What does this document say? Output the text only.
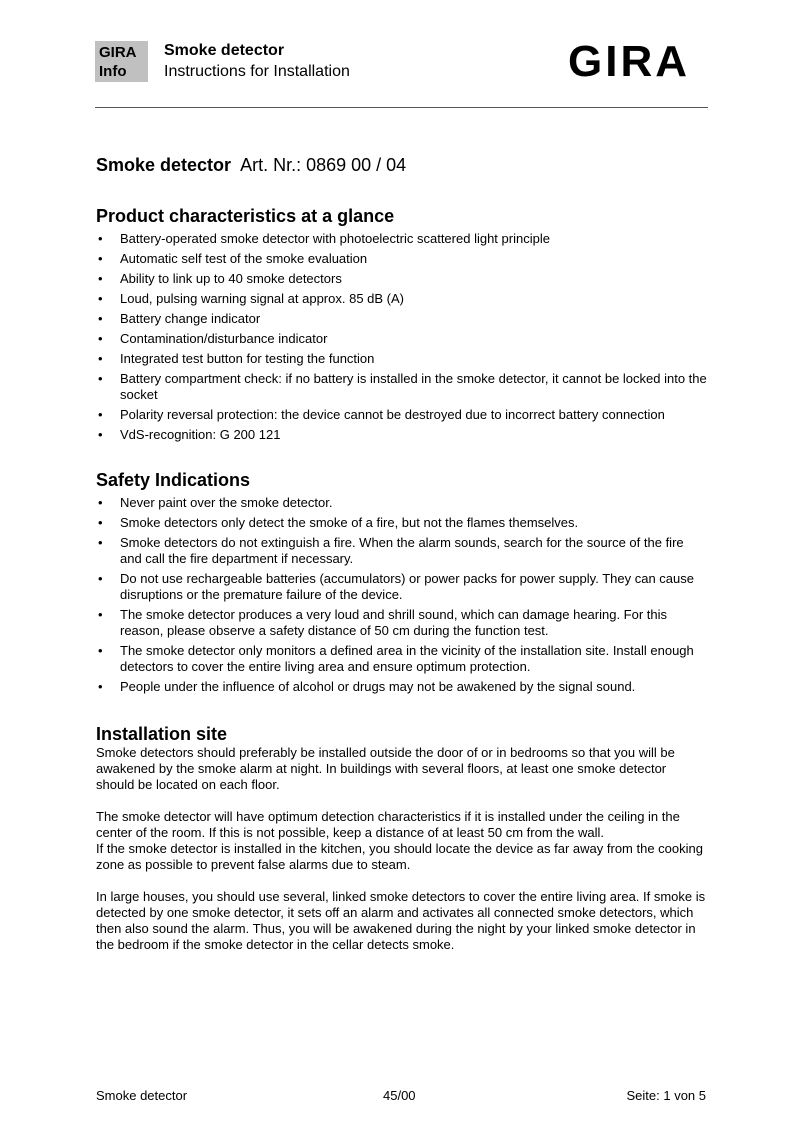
GIRA
Info
Smoke detector
Instructions for Installation	GIRA
Smoke detector Art. Nr.: 0869 00 / 04
Product characteristics at a glance
• Battery-operated smoke detector with photoelectric scattered light principle
• Automatic self test of the smoke evaluation
• Ability to link up to 40 smoke detectors
• Loud, pulsing warning signal at approx. 85 dB (A)
• Battery change indicator
• Contamination/disturbance indicator
• Integrated test button for testing the function
• Battery compartment check: if no battery is installed in the smoke detector, it cannot be locked into the socket
• Polarity reversal protection: the device cannot be destroyed due to incorrect battery connection
• VdS-recognition: G 200 121
Safety Indications
• Never paint over the smoke detector.
• Smoke detectors only detect the smoke of a fire, but not the flames themselves.
• Smoke detectors do not extinguish a fire. When the alarm sounds, search for the source of the fire and call the fire department if necessary.
• Do not use rechargeable batteries (accumulators) or power packs for power supply. They can cause disruptions or the premature failure of the device.
• The smoke detector produces a very loud and shrill sound, which can damage hearing. For this reason, please observe a safety distance of 50 cm during the function test.
• The smoke detector only monitors a defined area in the vicinity of the installation site. Install enough detectors to cover the entire living area and ensure optimum protection.
• People under the influence of alcohol or drugs may not be awakened by the signal sound.
Installation site

Smoke detectors should preferably be installed outside the door of or in bedrooms so that you will be awakened by the smoke alarm at night. In buildings with several floors, at least one smoke detector should be located on each floor.

The smoke detector will have optimum detection characteristics if it is installed under the ceiling in the center of the room. If this is not possible, keep a distance of at least 50 cm from the wall.

If the smoke detector is installed in the kitchen, you should locate the device as far away from the cooking zone as possible to prevent false alarms due to steam.

In large houses, you should use several, linked smoke detectors to cover the entire living area. If smoke is detected by one smoke detector, it sets off an alarm and activates all connected smoke detectors, which then also sound the alarm. Thus, you will be awakened during the night by your linked smoke detector in the bedroom if the smoke detector in the cellar detects smoke.

Smoke detector	45/00	Seite: 1 von 5
